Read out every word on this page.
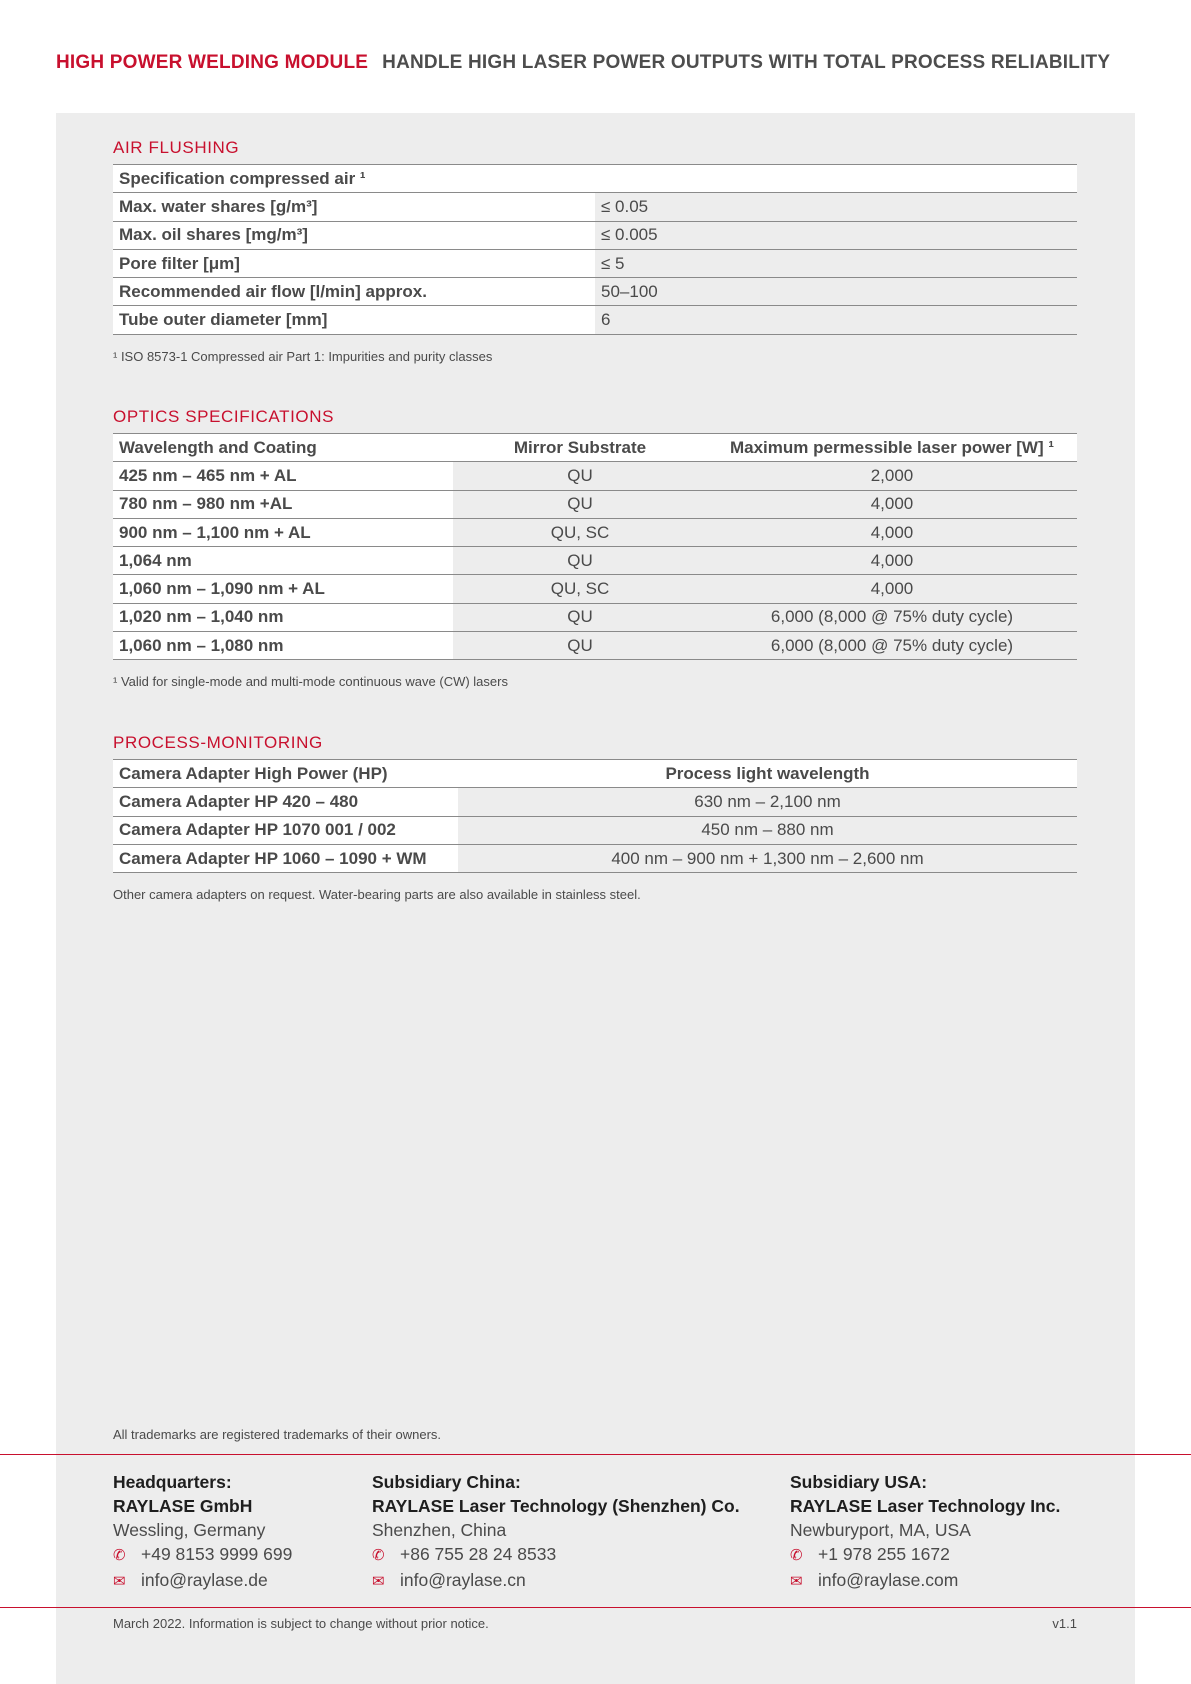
HIGH POWER WELDING MODULE HANDLE HIGH LASER POWER OUTPUTS WITH TOTAL PROCESS RELIABILITY
AIR FLUSHING
Specification compressed air ¹	
Max. water shares [g/m³]	≤ 0.05
Max. oil shares [mg/m³]	≤ 0.005
Pore filter [μm]	≤ 5
Recommended air flow [l/min] approx.	50–100
Tube outer diameter [mm]	6
¹ ISO 8573-1 Compressed air Part 1: Impurities and purity classes
OPTICS SPECIFICATIONS
Wavelength and Coating	Mirror Substrate	Maximum permessible laser power [W] ¹
425 nm – 465 nm + AL	QU	2,000
780 nm – 980 nm +AL	QU	4,000
900 nm – 1,100 nm + AL	QU, SC	4,000
1,064 nm	QU	4,000
1,060 nm – 1,090 nm + AL	QU, SC	4,000
1,020 nm – 1,040 nm	QU	6,000 (8,000 @ 75% duty cycle)
1,060 nm – 1,080 nm	QU	6,000 (8,000 @ 75% duty cycle)
¹ Valid for single-mode and multi-mode continuous wave (CW) lasers
PROCESS-MONITORING
Camera Adapter High Power (HP)	Process light wavelength
Camera Adapter HP 420 – 480	630 nm – 2,100 nm
Camera Adapter HP 1070 001 / 002	450 nm – 880 nm
Camera Adapter HP 1060 – 1090 + WM	400 nm – 900 nm + 1,300 nm – 2,600 nm
Other camera adapters on request. Water-bearing parts are also available in stainless steel.
All trademarks are registered trademarks of their owners.
Headquarters:
RAYLASE GmbH
Wessling, Germany
✆ +49 8153 9999 699
✉ info@raylase.de
Subsidiary China:
RAYLASE Laser Technology (Shenzhen) Co.
Shenzhen, China
✆ +86 755 28 24 8533
✉ info@raylase.cn
Subsidiary USA:
RAYLASE Laser Technology Inc.
Newburyport, MA, USA
✆ +1 978 255 1672
✉ info@raylase.com
March 2022. Information is subject to change without prior notice.	v1.1
